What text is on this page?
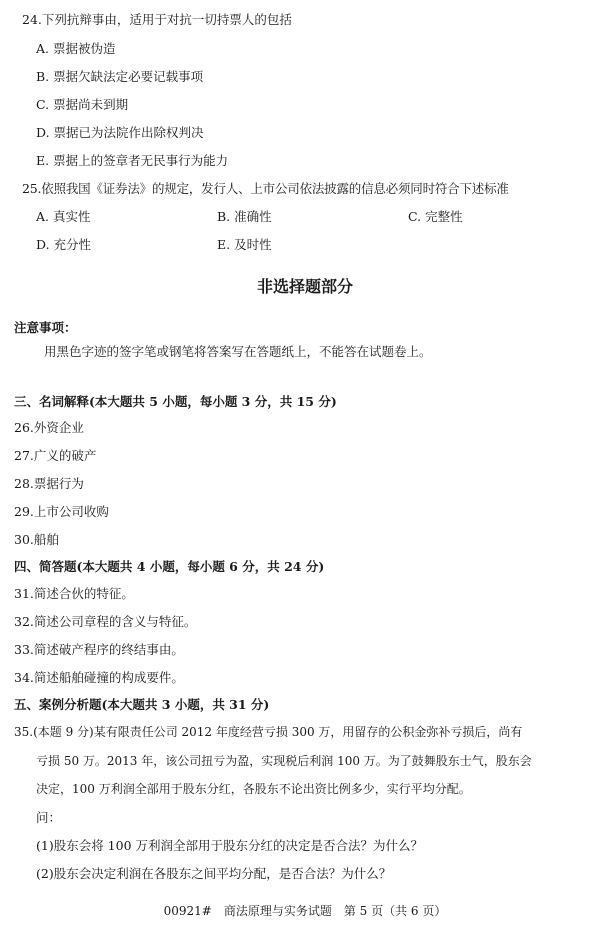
24.下列抗辩事由，适用于对抗一切持票人的包括
A. 票据被伪造
B. 票据欠缺法定必要记载事项
C. 票据尚未到期
D. 票据已为法院作出除权判决
E. 票据上的签章者无民事行为能力
25.依照我国《证券法》的规定，发行人、上市公司依法披露的信息必须同时符合下述标准
A. 真实性	B. 准确性	C. 完整性
D. 充分性	E. 及时性
非选择题部分
注意事项：
用黑色字迹的签字笔或钢笔将答案写在答题纸上，不能答在试题卷上。
三、名词解释(本大题共 5 小题，每小题 3 分，共 15 分)
26.外资企业
27.广义的破产
28.票据行为
29.上市公司收购
30.船舶
四、简答题(本大题共 4 小题，每小题 6 分，共 24 分)
31.简述合伙的特征。
32.简述公司章程的含义与特征。
33.简述破产程序的终结事由。
34.简述船舶碰撞的构成要件。
五、案例分析题(本大题共 3 小题，共 31 分)
35.(本题 9 分)某有限责任公司 2012 年度经营亏损 300 万，用留存的公积金弥补亏损后，尚有
亏损 50 万。2013 年，该公司扭亏为盈，实现税后利润 100 万。为了鼓舞股东士气，股东会
决定，100 万利润全部用于股东分红，各股东不论出资比例多少，实行平均分配。
问：
(1)股东会将 100 万利润全部用于股东分红的决定是否合法？为什么？
(2)股东会决定利润在各股东之间平均分配，是否合法？为什么？
00921#　商法原理与实务试题　第 5 页（共 6 页）
